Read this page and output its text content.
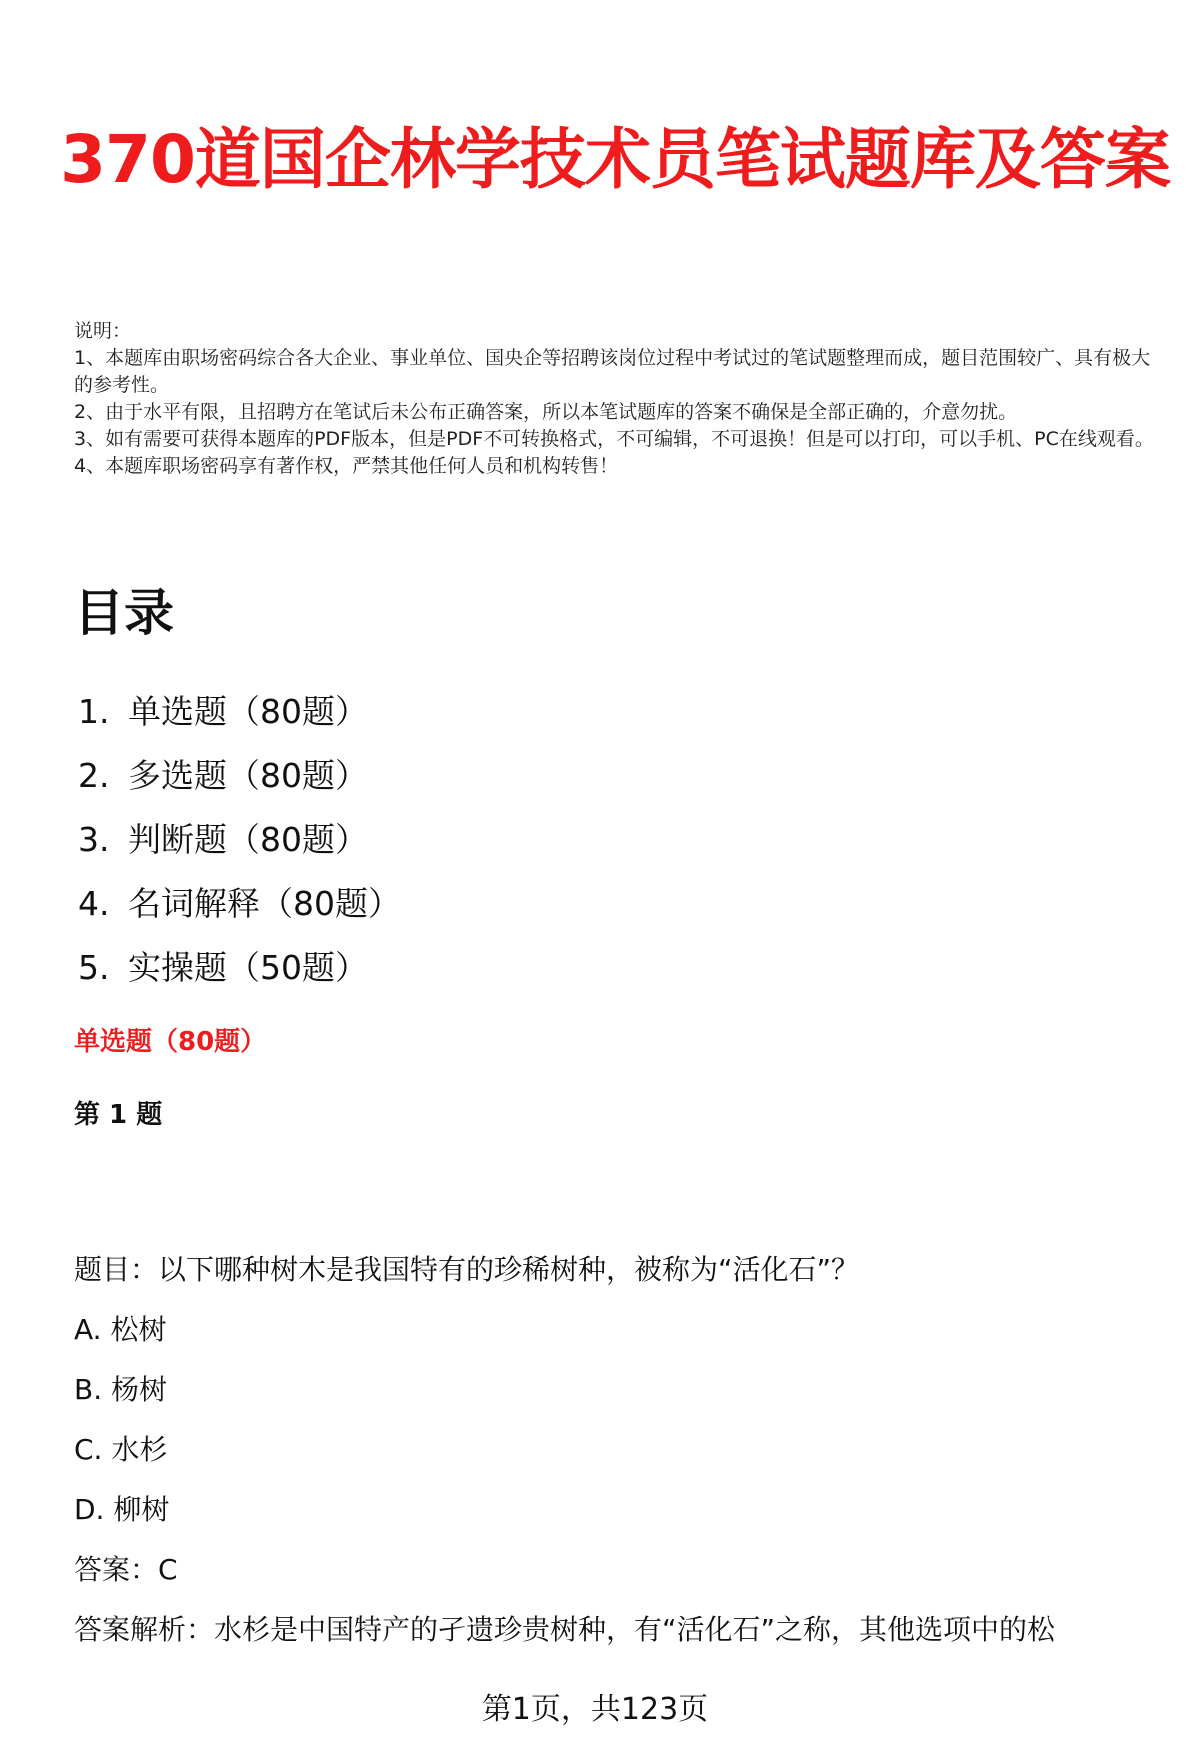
370道国企林学技术员笔试题库及答案
说明：
1、本题库由职场密码综合各大企业、事业单位、国央企等招聘该岗位过程中考试过的笔试题整理而成，题目范围较广、具有极大的参考性。
2、由于水平有限，且招聘方在笔试后未公布正确答案，所以本笔试题库的答案不确保是全部正确的，介意勿扰。
3、如有需要可获得本题库的PDF版本，但是PDF不可转换格式，不可编辑，不可退换！但是可以打印，可以手机、PC在线观看。
4、本题库职场密码享有著作权，严禁其他任何人员和机构转售！
目录
1. 单选题（80题）
2. 多选题（80题）
3. 判断题（80题）
4. 名词解释（80题）
5. 实操题（50题）
单选题（80题）
第 1 题
题目：以下哪种树木是我国特有的珍稀树种，被称为“活化石”？
A. 松树
B. 杨树
C. 水杉
D. 柳树
答案：C
答案解析：水杉是中国特产的孑遗珍贵树种，有“活化石”之称，其他选项中的松
第1页，共123页
